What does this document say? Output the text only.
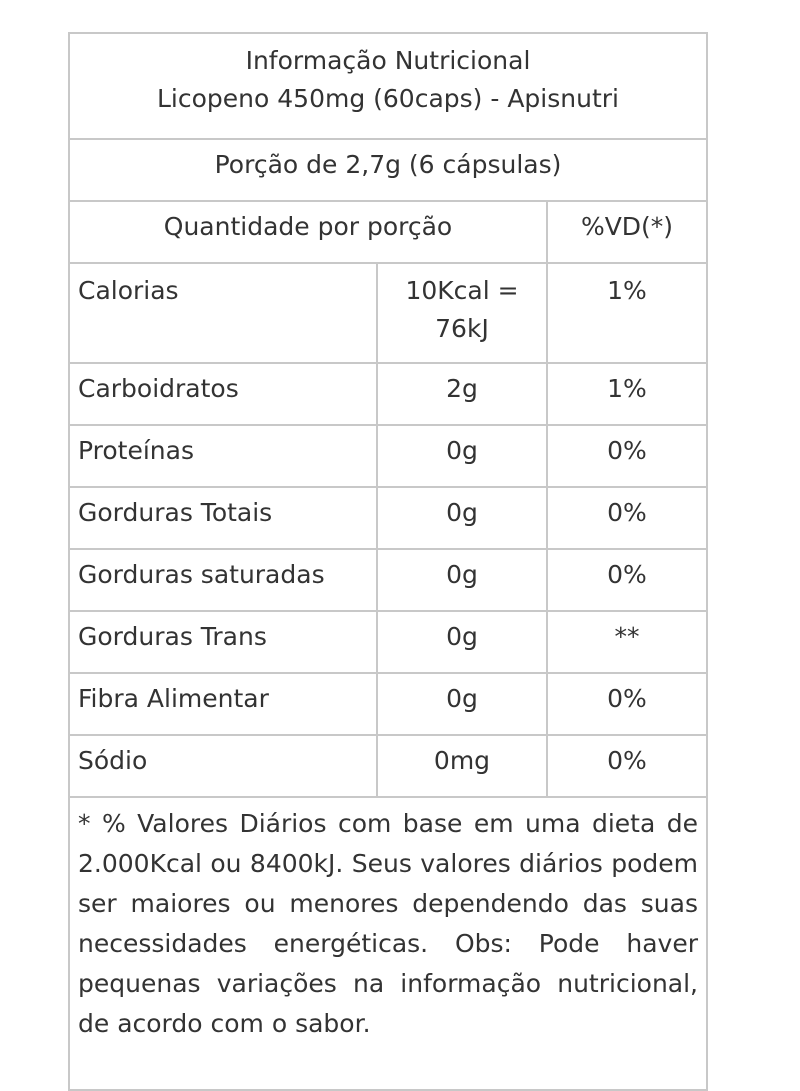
Informação Nutricional
Licopeno 450mg (60caps) - Apisnutri		

Porção de 2,7g (6 cápsulas)		
Quantidade por porção		%VD(*)
Calorias	10Kcal = 76kJ	1%
Carboidratos	2g	1%
Proteínas	0g	0%
Gorduras Totais	0g	0%
Gorduras saturadas	0g	0%
Gorduras Trans	0g	**
Fibra Alimentar	0g	0%
Sódio	0mg	0%
* % Valores Diários com base em uma dieta de 2.000Kcal ou 8400kJ. Seus valores diários podem ser maiores ou menores dependendo das suas necessidades energéticas. Obs: Pode haver pequenas variações na informação nutricional, de acordo com o sabor.		
